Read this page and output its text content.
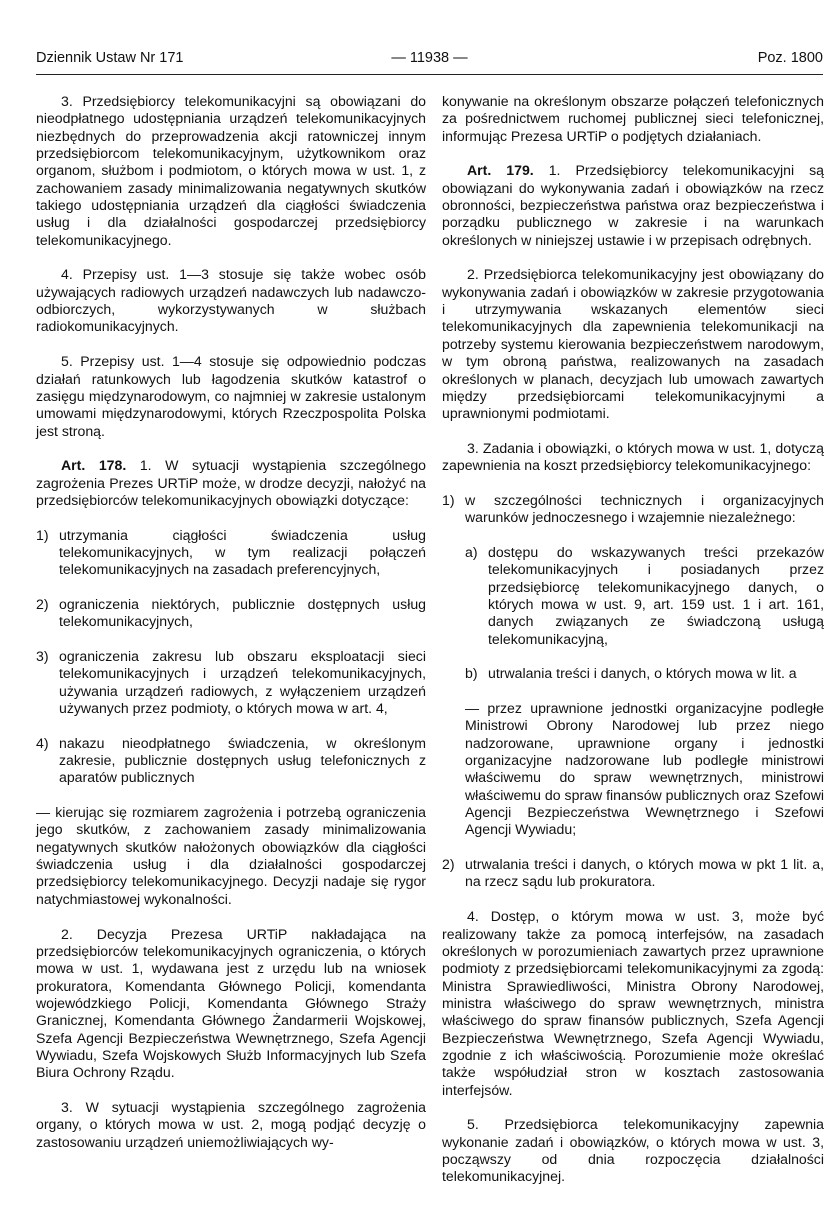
Dziennik Ustaw Nr 171	— 11938 —	Poz. 1800

3. Przedsiębiorcy telekomunikacyjni są obowiązani do nieodpłatnego udostępniania urządzeń telekomunikacyjnych niezbędnych do przeprowadzenia akcji ratowniczej innym przedsiębiorcom telekomunikacyjnym, użytkownikom oraz organom, służbom i podmiotom, o których mowa w ust. 1, z zachowaniem zasady minimalizowania negatywnych skutków takiego udostępniania urządzeń dla ciągłości świadczenia usług i dla działalności gospodarczej przedsiębiorcy telekomunikacyjnego.

4. Przepisy ust. 1—3 stosuje się także wobec osób używających radiowych urządzeń nadawczych lub nadawczo-odbiorczych, wykorzystywanych w służbach radiokomunikacyjnych.

5. Przepisy ust. 1—4 stosuje się odpowiednio podczas działań ratunkowych lub łagodzenia skutków katastrof o zasięgu międzynarodowym, co najmniej w zakresie ustalonym umowami międzynarodowymi, których Rzeczpospolita Polska jest stroną.

Art. 178. 1. W sytuacji wystąpienia szczególnego zagrożenia Prezes URTiP może, w drodze decyzji, nałożyć na przedsiębiorców telekomunikacyjnych obowiązki dotyczące:

1) utrzymania ciągłości świadczenia usług telekomunikacyjnych, w tym realizacji połączeń telekomunikacyjnych na zasadach preferencyjnych,
2) ograniczenia niektórych, publicznie dostępnych usług telekomunikacyjnych,
3) ograniczenia zakresu lub obszaru eksploatacji sieci telekomunikacyjnych i urządzeń telekomunikacyjnych, używania urządzeń radiowych, z wyłączeniem urządzeń używanych przez podmioty, o których mowa w art. 4,
4) nakazu nieodpłatnego świadczenia, w określonym zakresie, publicznie dostępnych usług telefonicznych z aparatów publicznych

— kierując się rozmiarem zagrożenia i potrzebą ograniczenia jego skutków, z zachowaniem zasady minimalizowania negatywnych skutków nałożonych obowiązków dla ciągłości świadczenia usług i dla działalności gospodarczej przedsiębiorcy telekomunikacyjnego. Decyzji nadaje się rygor natychmiastowej wykonalności.

2. Decyzja Prezesa URTiP nakładająca na przedsiębiorców telekomunikacyjnych ograniczenia, o których mowa w ust. 1, wydawana jest z urzędu lub na wniosek prokuratora, Komendanta Głównego Policji, komendanta wojewódzkiego Policji, Komendanta Głównego Straży Granicznej, Komendanta Głównego Żandarmerii Wojskowej, Szefa Agencji Bezpieczeństwa Wewnętrznego, Szefa Agencji Wywiadu, Szefa Wojskowych Służb Informacyjnych lub Szefa Biura Ochrony Rządu.

3. W sytuacji wystąpienia szczególnego zagrożenia organy, o których mowa w ust. 2, mogą podjąć decyzję o zastosowaniu urządzeń uniemożliwiających wy-

konywanie na określonym obszarze połączeń telefonicznych za pośrednictwem ruchomej publicznej sieci telefonicznej, informując Prezesa URTiP o podjętych działaniach.

Art. 179. 1. Przedsiębiorcy telekomunikacyjni są obowiązani do wykonywania zadań i obowiązków na rzecz obronności, bezpieczeństwa państwa oraz bezpieczeństwa i porządku publicznego w zakresie i na warunkach określonych w niniejszej ustawie i w przepisach odrębnych.

2. Przedsiębiorca telekomunikacyjny jest obowiązany do wykonywania zadań i obowiązków w zakresie przygotowania i utrzymywania wskazanych elementów sieci telekomunikacyjnych dla zapewnienia telekomunikacji na potrzeby systemu kierowania bezpieczeństwem narodowym, w tym obroną państwa, realizowanych na zasadach określonych w planach, decyzjach lub umowach zawartych między przedsiębiorcami telekomunikacyjnymi a uprawnionymi podmiotami.

3. Zadania i obowiązki, o których mowa w ust. 1, dotyczą zapewnienia na koszt przedsiębiorcy telekomunikacyjnego:

1) w szczególności technicznych i organizacyjnych warunków jednoczesnego i wzajemnie niezależnego:
a) dostępu do wskazywanych treści przekazów telekomunikacyjnych i posiadanych przez przedsiębiorcę telekomunikacyjnego danych, o których mowa w ust. 9, art. 159 ust. 1 i art. 161, danych związanych ze świadczoną usługą telekomunikacyjną,
b) utrwalania treści i danych, o których mowa w lit. a

— przez uprawnione jednostki organizacyjne podległe Ministrowi Obrony Narodowej lub przez niego nadzorowane, uprawnione organy i jednostki organizacyjne nadzorowane lub podległe ministrowi właściwemu do spraw wewnętrznych, ministrowi właściwemu do spraw finansów publicznych oraz Szefowi Agencji Bezpieczeństwa Wewnętrznego i Szefowi Agencji Wywiadu;

2) utrwalania treści i danych, o których mowa w pkt 1 lit. a, na rzecz sądu lub prokuratora.

4. Dostęp, o którym mowa w ust. 3, może być realizowany także za pomocą interfejsów, na zasadach określonych w porozumieniach zawartych przez uprawnione podmioty z przedsiębiorcami telekomunikacyjnymi za zgodą: Ministra Sprawiedliwości, Ministra Obrony Narodowej, ministra właściwego do spraw wewnętrznych, ministra właściwego do spraw finansów publicznych, Szefa Agencji Bezpieczeństwa Wewnętrznego, Szefa Agencji Wywiadu, zgodnie z ich właściwością. Porozumienie może określać także współudział stron w kosztach zastosowania interfejsów.

5. Przedsiębiorca telekomunikacyjny zapewnia wykonanie zadań i obowiązków, o których mowa w ust. 3, począwszy od dnia rozpoczęcia działalności telekomunikacyjnej.
